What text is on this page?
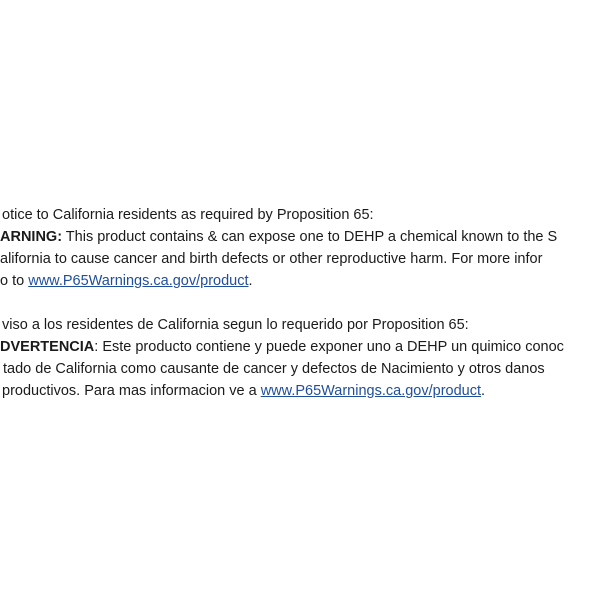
otice to California residents as required by Proposition 65:

ARNING: This product contains & can expose one to DEHP a chemical known to the S

alifornia to cause cancer and birth defects or other reproductive harm. For more infor

o to www.P65Warnings.ca.gov/product.

viso a los residentes de California segun lo requerido por Proposition 65:

DVERTENCIA: Este producto contiene y puede exponer uno a DEHP un quimico conoc

tado de California como causante de cancer y defectos de Nacimiento y otros danos

productivos. Para mas informacion ve a www.P65Warnings.ca.gov/product.
